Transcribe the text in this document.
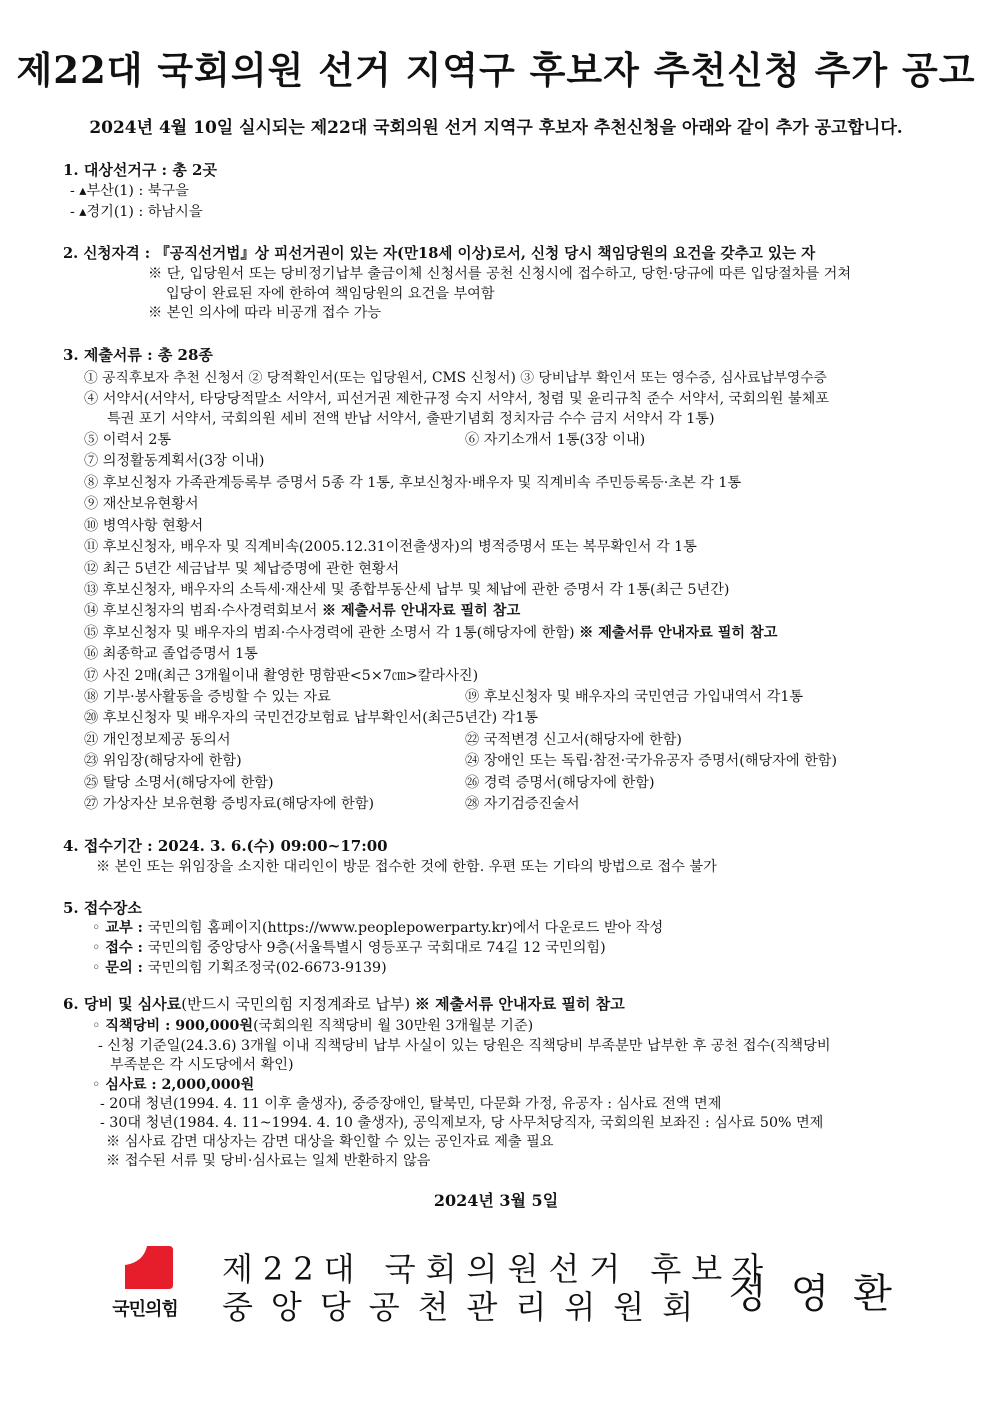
제22대 국회의원 선거 지역구 후보자 추천신청 추가 공고
2024년 4월 10일 실시되는 제22대 국회의원 선거 지역구 후보자 추천신청을 아래와 같이 추가 공고합니다.
1. 대상선거구 : 총 2곳
- ▴부산(1) : 북구을
- ▴경기(1) : 하남시을
2. 신청자격 : 『공직선거법』상 피선거권이 있는 자(만18세 이상)로서, 신청 당시 책임당원의 요건을 갖추고 있는 자
※ 단, 입당원서 또는 당비정기납부 출금이체 신청서를 공천 신청시에 접수하고, 당헌·당규에 따른 입당절차를 거쳐
입당이 완료된 자에 한하여 책임당원의 요건을 부여함
※ 본인 의사에 따라 비공개 접수 가능
3. 제출서류 : 총 28종
① 공직후보자 추천 신청서 ② 당적확인서(또는 입당원서, CMS 신청서) ③ 당비납부 확인서 또는 영수증, 심사료납부영수증
④ 서약서(서약서, 타당당적말소 서약서, 피선거권 제한규정 숙지 서약서, 청렴 및 윤리규칙 준수 서약서, 국회의원 불체포
특권 포기 서약서, 국회의원 세비 전액 반납 서약서, 출판기념회 정치자금 수수 금지 서약서 각 1통)
⑤ 이력서 2통	⑥ 자기소개서 1통(3장 이내)
⑦ 의정활동계획서(3장 이내)
⑧ 후보신청자 가족관계등록부 증명서 5종 각 1통, 후보신청자·배우자 및 직계비속 주민등록등·초본 각 1통
⑨ 재산보유현황서
⑩ 병역사항 현황서
⑪ 후보신청자, 배우자 및 직계비속(2005.12.31이전출생자)의 병적증명서 또는 복무확인서 각 1통
⑫ 최근 5년간 세금납부 및 체납증명에 관한 현황서
⑬ 후보신청자, 배우자의 소득세·재산세 및 종합부동산세 납부 및 체납에 관한 증명서 각 1통(최근 5년간)
⑭ 후보신청자의 범죄·수사경력회보서 ※ 제출서류 안내자료 필히 참고
⑮ 후보신청자 및 배우자의 범죄·수사경력에 관한 소명서 각 1통(해당자에 한함) ※ 제출서류 안내자료 필히 참고
⑯ 최종학교 졸업증명서 1통
⑰ 사진 2매(최근 3개월이내 촬영한 명함판<5×7㎝>칼라사진)
⑱ 기부·봉사활동을 증빙할 수 있는 자료	⑲ 후보신청자 및 배우자의 국민연금 가입내역서 각1통
⑳ 후보신청자 및 배우자의 국민건강보험료 납부확인서(최근5년간) 각1통
㉑ 개인정보제공 동의서	㉒ 국적변경 신고서(해당자에 한함)
㉓ 위임장(해당자에 한함)	㉔ 장애인 또는 독립·참전·국가유공자 증명서(해당자에 한함)
㉕ 탈당 소명서(해당자에 한함)	㉖ 경력 증명서(해당자에 한함)
㉗ 가상자산 보유현황 증빙자료(해당자에 한함)	㉘ 자기검증진술서
4. 접수기간 : 2024. 3. 6.(수) 09:00~17:00
※ 본인 또는 위임장을 소지한 대리인이 방문 접수한 것에 한함. 우편 또는 기타의 방법으로 접수 불가
5. 접수장소
◦ 교부 : 국민의힘 홈페이지(https://www.peoplepowerparty.kr)에서 다운로드 받아 작성
◦ 접수 : 국민의힘 중앙당사 9층(서울특별시 영등포구 국회대로 74길 12 국민의힘)
◦ 문의 : 국민의힘 기획조정국(02-6673-9139)
6. 당비 및 심사료(반드시 국민의힘 지정계좌로 납부) ※ 제출서류 안내자료 필히 참고
◦ 직책당비 : 900,000원(국회의원 직책당비 월 30만원 3개월분 기준)
- 신청 기준일(24.3.6) 3개월 이내 직책당비 납부 사실이 있는 당원은 직책당비 부족분만 납부한 후 공천 접수(직책당비
부족분은 각 시도당에서 확인)
◦ 심사료 : 2,000,000원
- 20대 청년(1994. 4. 11 이후 출생자), 중증장애인, 탈북민, 다문화 가정, 유공자 : 심사료 전액 면제
- 30대 청년(1984. 4. 11~1994. 4. 10 출생자), 공익제보자, 당 사무처당직자, 국회의원 보좌진 : 심사료 50% 면제
※ 심사료 감면 대상자는 감면 대상을 확인할 수 있는 공인자료 제출 필요
※ 접수된 서류 및 당비·심사료는 일체 반환하지 않음
2024년 3월 5일
국민의힘
제22대 국회의원선거 후보자
중앙당공천관리위원회 정영환
